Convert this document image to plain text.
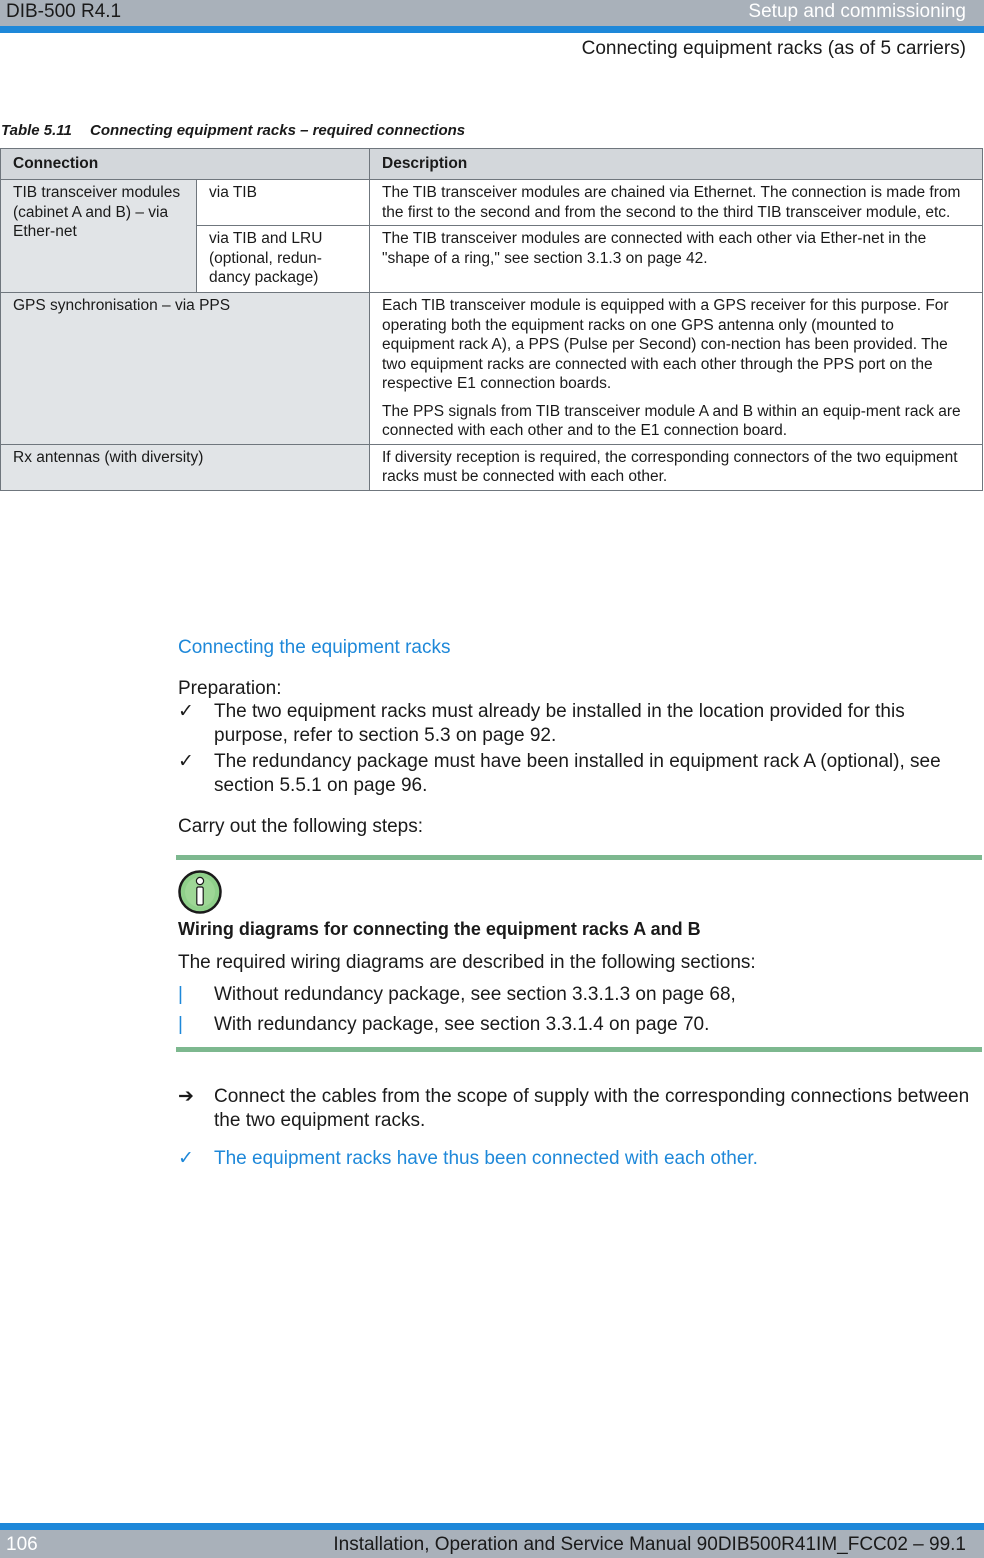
DIB-500 R4.1	Setup and commissioning
Connecting equipment racks (as of 5 carriers)
Table 5.11 Connecting equipment racks – required connections
Connection		Description
TIB transceiver modules (cabinet A and B) – via Ether-net	via TIB	The TIB transceiver modules are chained via Ethernet. The connection is made from the first to the second and from the second to the third TIB transceiver module, etc.

	via TIB and LRU (optional, redun-dancy package)	The TIB transceiver modules are connected with each other via Ether-net in the "shape of a ring," see section 3.1.3 on page 42.

GPS synchronisation – via PPS		Each TIB transceiver module is equipped with a GPS receiver for this purpose. For operating both the equipment racks on one GPS antenna only (mounted to equipment rack A), a PPS (Pulse per Second) con-nection has been provided. The two equipment racks are connected with each other through the PPS port on the respective E1 connection boards.

The PPS signals from TIB transceiver module A and B within an equip-ment rack are connected with each other and to the E1 connection board.

Rx antennas (with diversity)		If diversity reception is required, the corresponding connectors of the two equipment racks must be connected with each other.

Connecting the equipment racks
Preparation:
✓	The two equipment racks must already be installed in the location provided for this purpose, refer to section 5.3 on page 92.
✓	The redundancy package must have been installed in equipment rack A (optional), see section 5.5.1 on page 96.
Carry out the following steps:
Wiring diagrams for connecting the equipment racks A and B
The required wiring diagrams are described in the following sections:
| Without redundancy package, see section 3.3.1.3 on page 68,
| With redundancy package, see section 3.3.1.4 on page 70.
➔	Connect the cables from the scope of supply with the corresponding connections between the two equipment racks.
✓	The equipment racks have thus been connected with each other.
106	Installation, Operation and Service Manual 90DIB500R41IM_FCC02 – 99.1
